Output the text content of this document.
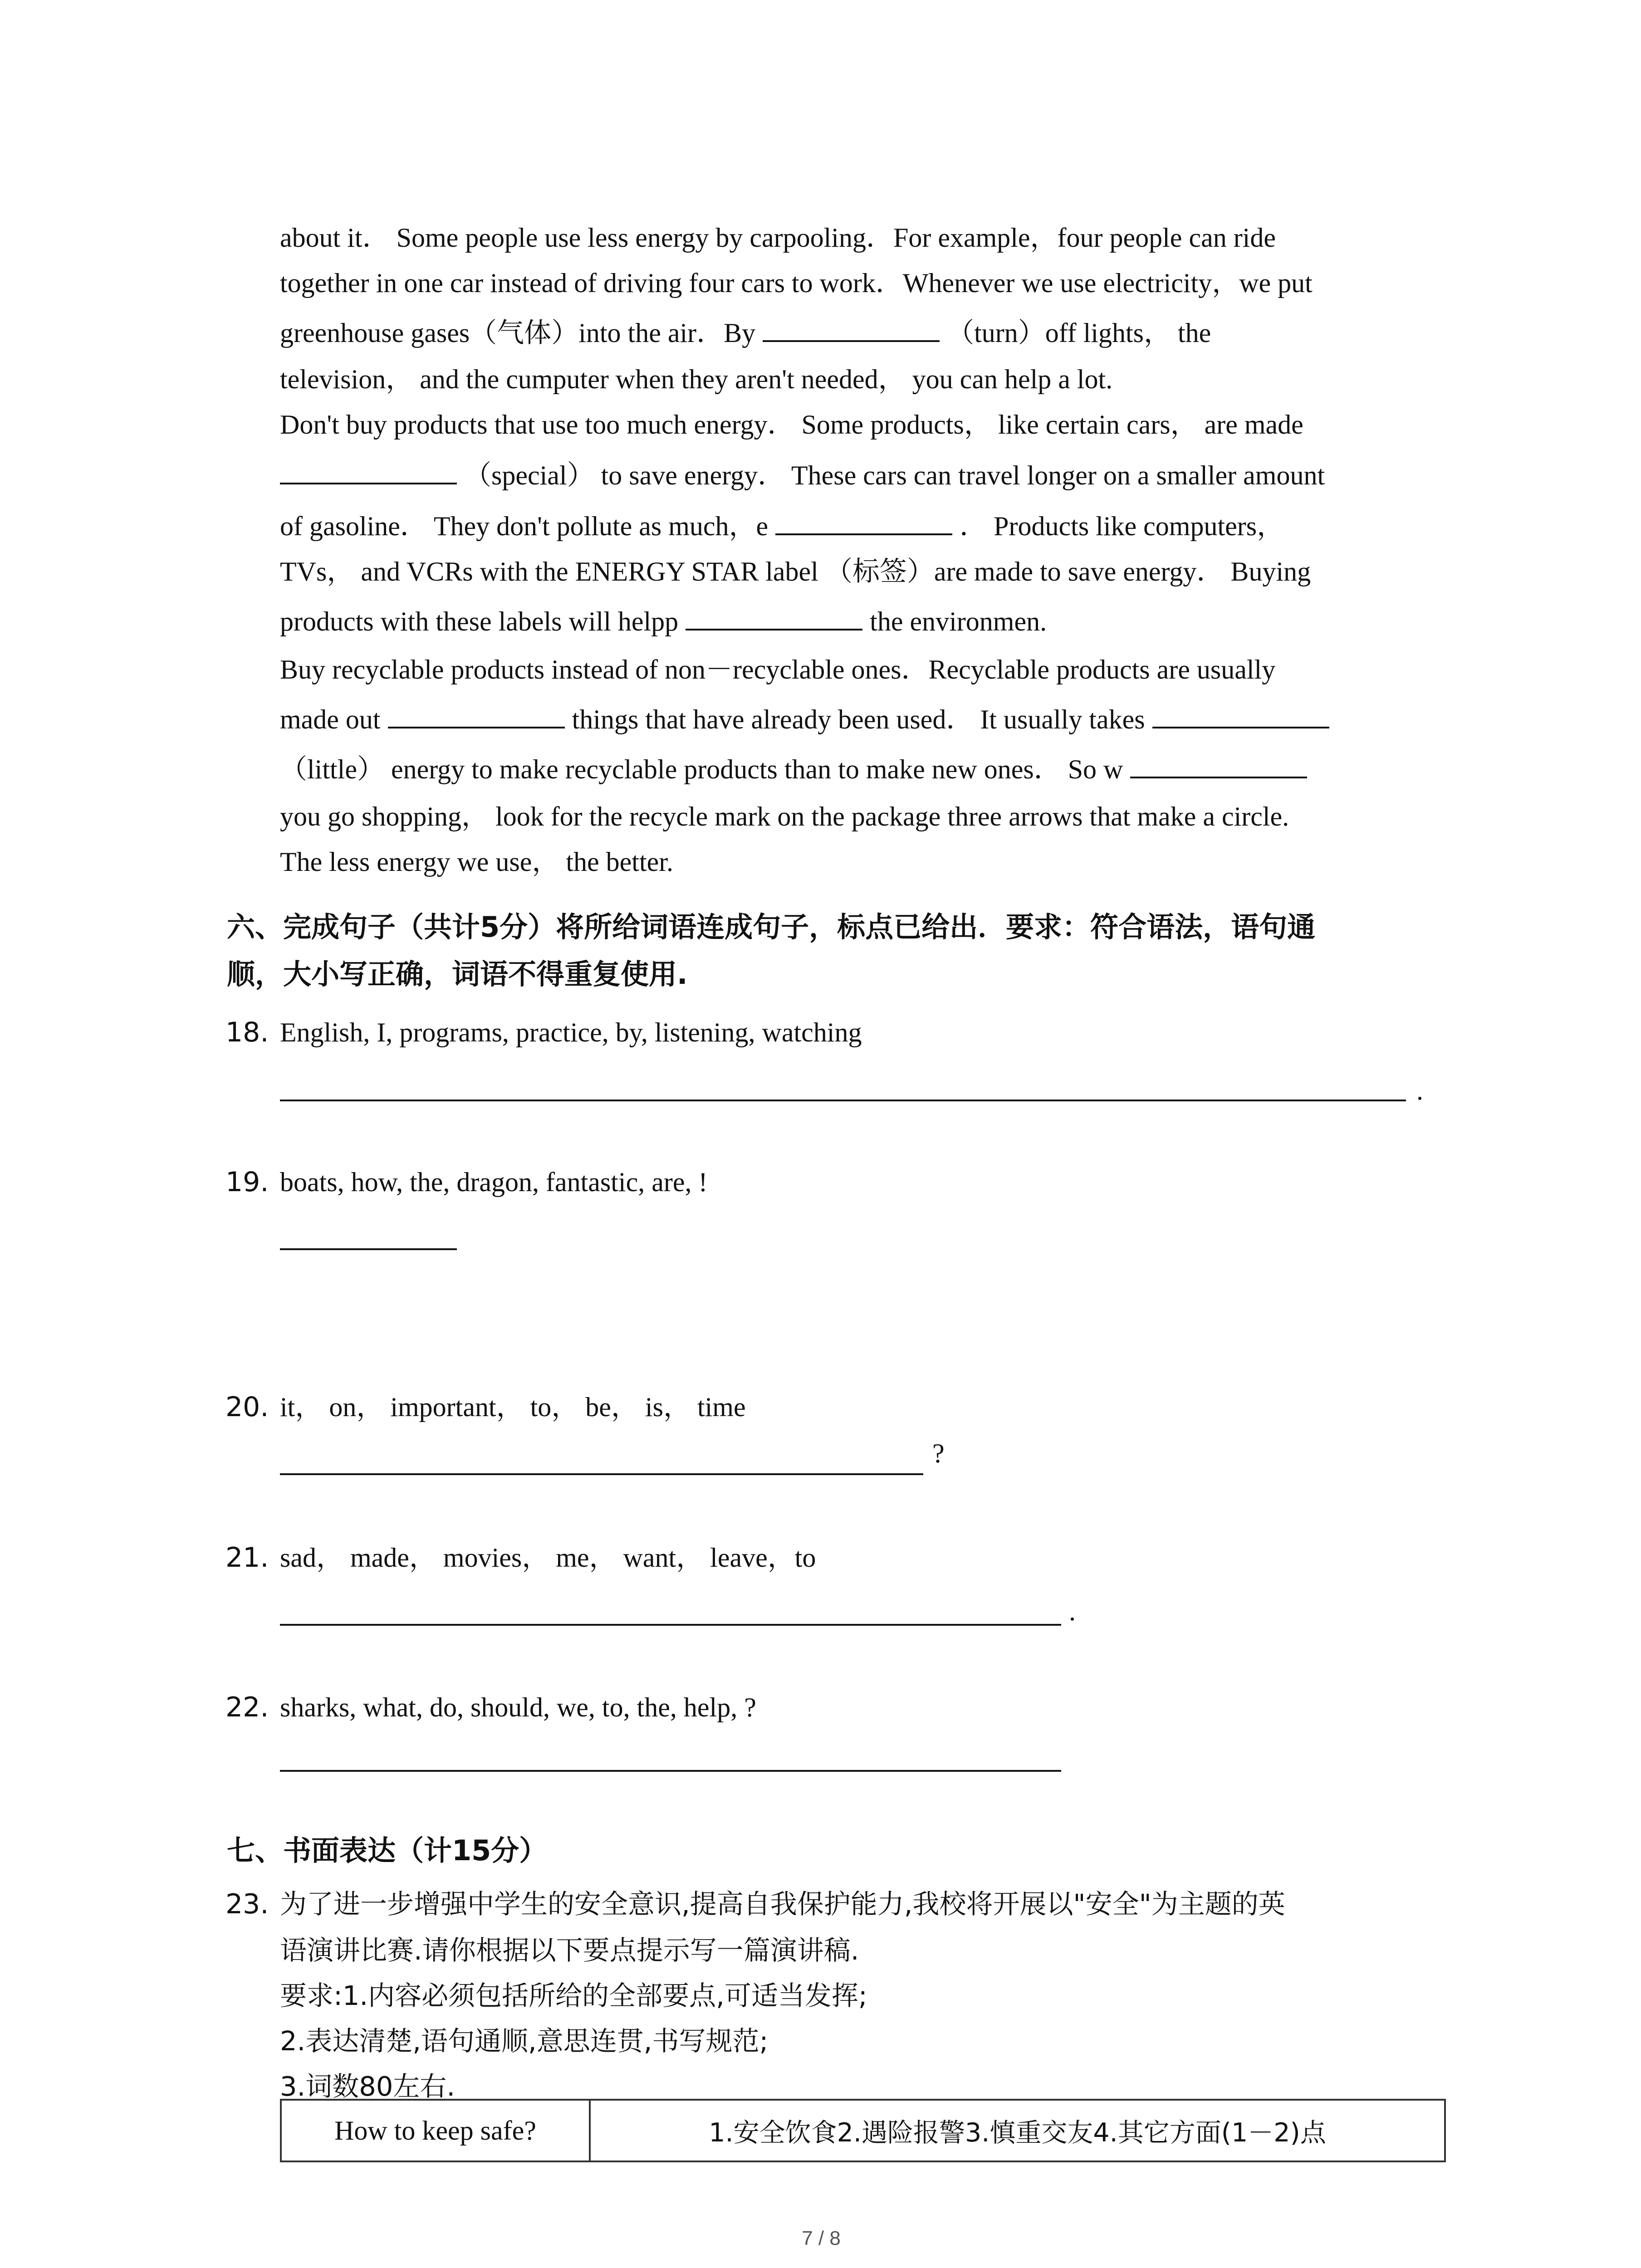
about it． Some people use less energy by carpooling．For example，four people can ride
together in one car instead of driving four cars to work．Whenever we use electricity，we put
greenhouse gases（气体）into the air．By	（turn）off lights， the
television， and the cumputer when they aren't needed， you can help a lot.
Don't buy products that use too much energy． Some products， like certain cars， are made
（special） to save energy． These cars can travel longer on a smaller amount
of gasoline． They don't pollute as much，e	． Products like computers，
TVs， and VCRs with the ENERGY STAR label （标签）are made to save energy． Buying
products with these labels will helpp	the environmen.
Buy recyclable products instead of non－recyclable ones．Recyclable products are usually
made out	things that have already been used． It usually takes
（little） energy to make recyclable products than to make new ones． So w
you go shopping， look for the recycle mark on the package three arrows that make a circle.
The less energy we use， the better.
六、完成句子（共计5分）将所给词语连成句子，标点已给出．要求：符合语法，语句通
顺，大小写正确，词语不得重复使用.
18. English, I, programs, practice, by, listening, watching
.
19. boats, how, the, dragon, fantastic, are, !
20. it， on， important， to， be， is， time
?
21. sad， made， movies， me， want， leave，to
.
22. sharks, what, do, should, we, to, the, help, ?
七、书面表达（计15分）
23. 为了进一步增强中学生的安全意识,提高自我保护能力,我校将开展以"安全"为主题的英
语演讲比赛.请你根据以下要点提示写一篇演讲稿.
要求:1.内容必须包括所给的全部要点,可适当发挥;
2.表达清楚,语句通顺,意思连贯,书写规范;
3.词数80左右.
How to keep safe?	1.安全饮食2.遇险报警3.慎重交友4.其它方面(1－2)点
7 / 8
